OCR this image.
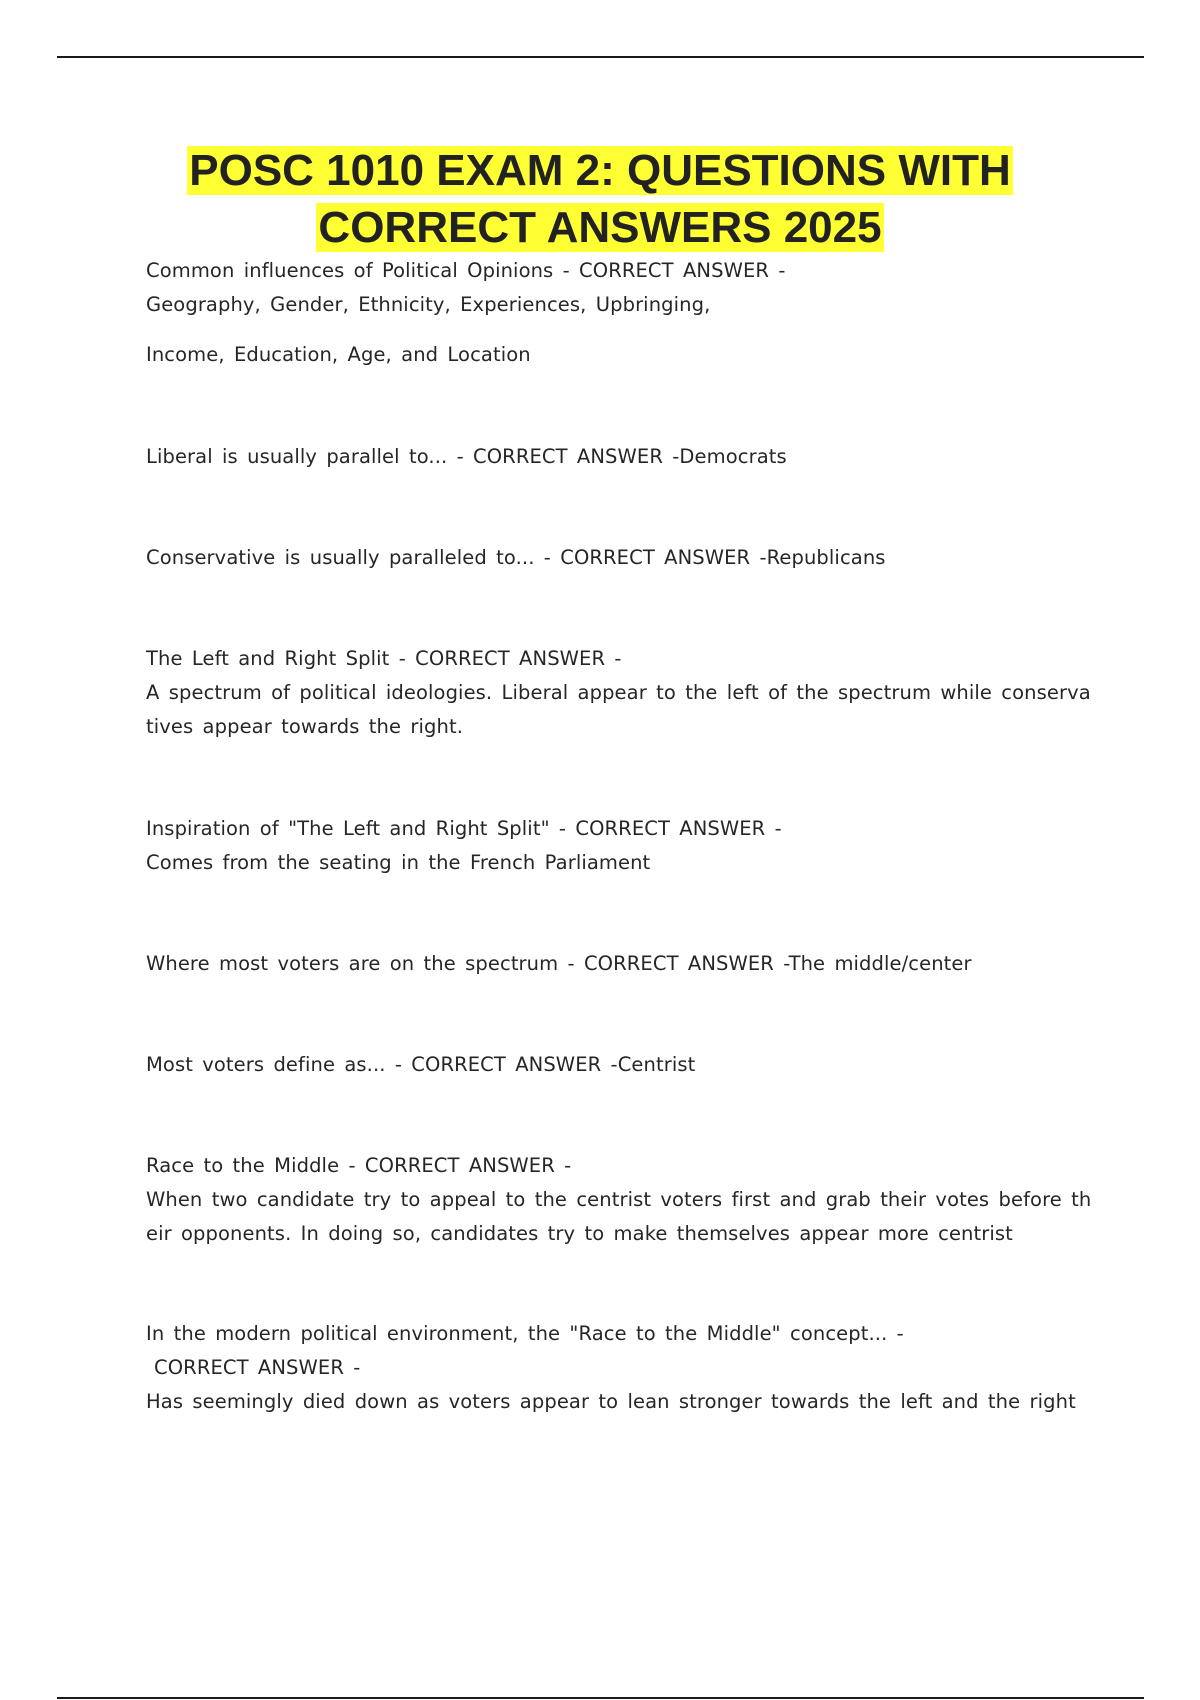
POSC 1010 EXAM 2: QUESTIONS WITH
CORRECT ANSWERS 2025
Common influences of Political Opinions - CORRECT ANSWER -
Geography, Gender, Ethnicity, Experiences, Upbringing,
Income, Education, Age, and Location
Liberal is usually parallel to... - CORRECT ANSWER -Democrats
Conservative is usually paralleled to... - CORRECT ANSWER -Republicans
The Left and Right Split - CORRECT ANSWER -
A spectrum of political ideologies. Liberal appear to the left of the spectrum while conserva
tives appear towards the right.
Inspiration of "The Left and Right Split" - CORRECT ANSWER -
Comes from the seating in the French Parliament
Where most voters are on the spectrum - CORRECT ANSWER -The middle/center
Most voters define as... - CORRECT ANSWER -Centrist
Race to the Middle - CORRECT ANSWER -
When two candidate try to appeal to the centrist voters first and grab their votes before th
eir opponents. In doing so, candidates try to make themselves appear more centrist
In the modern political environment, the "Race to the Middle" concept... -
CORRECT ANSWER -
Has seemingly died down as voters appear to lean stronger towards the left and the right
